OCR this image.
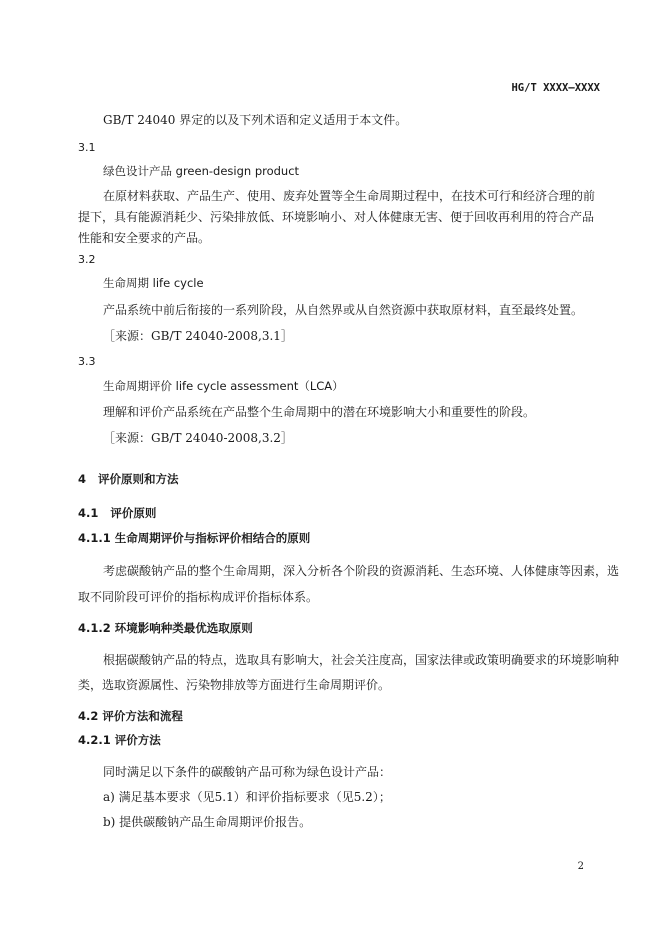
HG/T XXXX—XXXX
GB/T 24040 界定的以及下列术语和定义适用于本文件。
3.1
绿色设计产品 green-design product
在原材料获取、产品生产、使用、废弃处置等全生命周期过程中，在技术可行和经济合理的前
提下，具有能源消耗少、污染排放低、环境影响小、对人体健康无害、便于回收再利用的符合产品
性能和安全要求的产品。
3.2
生命周期 life cycle
产品系统中前后衔接的一系列阶段，从自然界或从自然资源中获取原材料，直至最终处置。
［来源：GB/T 24040-2008,3.1］
3.3
生命周期评价 life cycle assessment（LCA）
理解和评价产品系统在产品整个生命周期中的潜在环境影响大小和重要性的阶段。
［来源：GB/T 24040-2008,3.2］
4   评价原则和方法
4.1   评价原则
4.1.1 生命周期评价与指标评价相结合的原则
考虑碳酸钠产品的整个生命周期，深入分析各个阶段的资源消耗、生态环境、人体健康等因素，选
取不同阶段可评价的指标构成评价指标体系。
4.1.2 环境影响种类最优选取原则
根据碳酸钠产品的特点，选取具有影响大，社会关注度高，国家法律或政策明确要求的环境影响种
类，选取资源属性、污染物排放等方面进行生命周期评价。
4.2 评价方法和流程
4.2.1 评价方法
同时满足以下条件的碳酸钠产品可称为绿色设计产品：
a) 满足基本要求（见5.1）和评价指标要求（见5.2）；
b) 提供碳酸钠产品生命周期评价报告。
2
